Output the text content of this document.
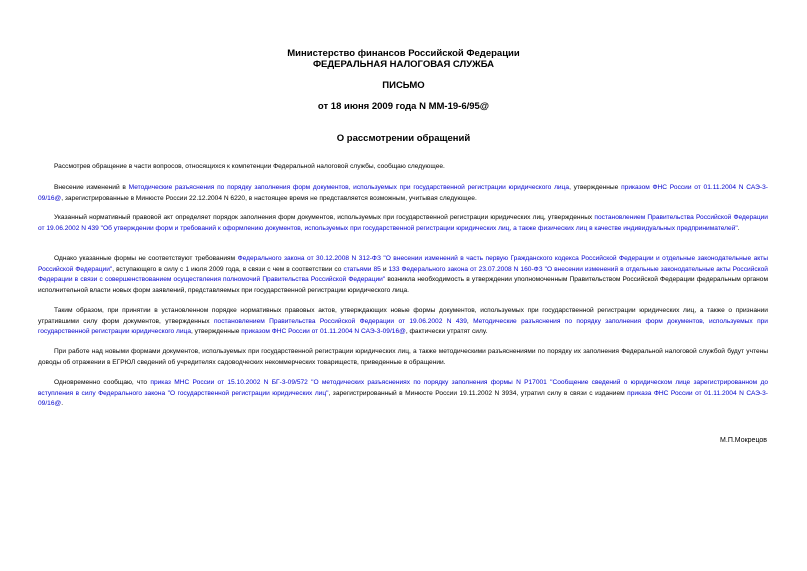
Министерство финансов Российской Федерации
ФЕДЕРАЛЬНАЯ НАЛОГОВАЯ СЛУЖБА
ПИСЬМО
от 18 июня 2009 года N ММ-19-6/95@
О рассмотрении обращений

Рассмотрев обращение в части вопросов, относящихся к компетенции Федеральной налоговой службы, сообщаю следующее.

Внесение изменений в Методические разъяснения по порядку заполнения форм документов, используемых при государственной регистрации юридического лица, утвержденные приказом ФНС России от 01.11.2004 N САЭ-3-09/16@, зарегистрированные в Минюсте России 22.12.2004 N 6220, в настоящее время не представляется возможным, учитывая следующее.

Указанный нормативный правовой акт определяет порядок заполнения форм документов, используемых при государственной регистрации юридических лиц, утвержденных постановлением Правительства Российской Федерации от 19.06.2002 N 439 "Об утверждении форм и требований к оформлению документов, используемых при государственной регистрации юридических лиц, а также физических лиц в качестве индивидуальных предпринимателей".

Однако указанные формы не соответствуют требованиям Федерального закона от 30.12.2008 N 312-ФЗ "О внесении изменений в часть первую Гражданского кодекса Российской Федерации и отдельные законодательные акты Российской Федерации", вступающего в силу с 1 июля 2009 года, в связи с чем в соответствии со статьями 85 и 133 Федерального закона от 23.07.2008 N 160-ФЗ "О внесении изменений в отдельные законодательные акты Российской Федерации в связи с совершенствованием осуществления полномочий Правительства Российской Федерации" возникла необходимость в утверждении уполномоченным Правительством Российской Федерации федеральным органом исполнительной власти новых форм заявлений, представляемых при государственной регистрации юридического лица.

Таким образом, при принятии в установленном порядке нормативных правовых актов, утверждающих новые формы документов, используемых при государственной регистрации юридических лиц, а также о признании утратившими силу форм документов, утвержденных постановлением Правительства Российской Федерации от 19.06.2002 N 439, Методические разъяснения по порядку заполнения форм документов, используемых при государственной регистрации юридического лица, утвержденные приказом ФНС России от 01.11.2004 N САЭ-3-09/16@, фактически утратят силу.

При работе над новыми формами документов, используемых при государственной регистрации юридических лиц, а также методическими разъяснениями по порядку их заполнения Федеральной налоговой службой будут учтены доводы об отражении в ЕГРЮЛ сведений об учредителях садоводческих некоммерческих товариществ, приведенные в обращении.

Одновременно сообщаю, что приказ МНС России от 15.10.2002 N БГ-3-09/572 "О методических разъяснениях по порядку заполнения формы N Р17001 "Сообщение сведений о юридическом лице зарегистрированном до вступления в силу Федерального закона "О государственной регистрации юридических лиц", зарегистрированный в Минюсте России 19.11.2002 N 3934, утратил силу в связи с изданием приказа ФНС России от 01.11.2004 N САЭ-3-09/16@.

М.П.Мокрецов
